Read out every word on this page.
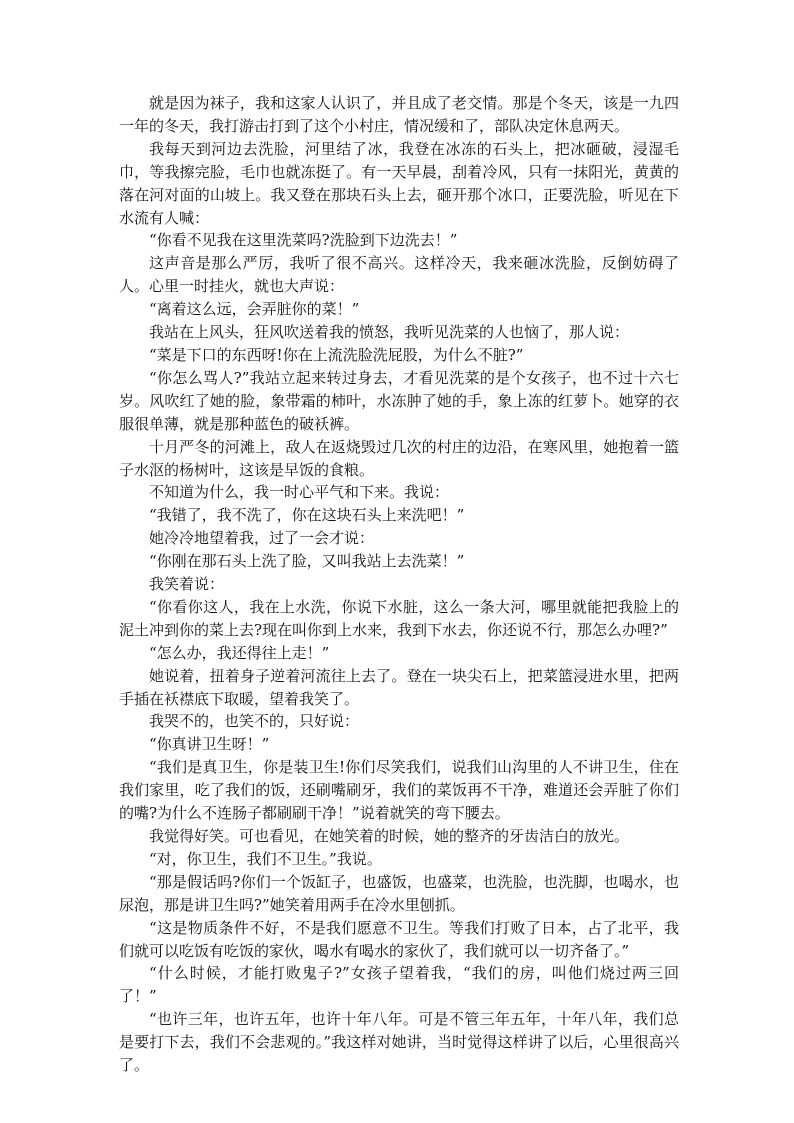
就是因为袜子，我和这家人认识了，并且成了老交情。那是个冬天，该是一九四一年的冬天，我打游击打到了这个小村庄，情况缓和了，部队决定休息两天。

我每天到河边去洗脸，河里结了冰，我登在冰冻的石头上，把冰砸破，浸湿毛巾，等我擦完脸，毛巾也就冻挺了。有一天早晨，刮着冷风，只有一抹阳光，黄黄的落在河对面的山坡上。我又登在那块石头上去，砸开那个冰口，正要洗脸，听见在下水流有人喊：

“你看不见我在这里洗菜吗?洗脸到下边洗去！”

这声音是那么严厉，我听了很不高兴。这样冷天，我来砸冰洗脸，反倒妨碍了人。心里一时挂火，就也大声说：

“离着这么远，会弄脏你的菜！”

我站在上风头，狂风吹送着我的愤怒，我听见洗菜的人也恼了，那人说：

“菜是下口的东西呀!你在上流洗脸洗屁股，为什么不脏?”

“你怎么骂人?”我站立起来转过身去，才看见洗菜的是个女孩子，也不过十六七岁。风吹红了她的脸，象带霜的柿叶，水冻肿了她的手，象上冻的红萝卜。她穿的衣服很单薄，就是那种蓝色的破袄裤。

十月严冬的河滩上，敌人在返烧毁过几次的村庄的边沿，在寒风里，她抱着一篮子水沤的杨树叶，这该是早饭的食粮。

不知道为什么，我一时心平气和下来。我说：

“我错了，我不洗了，你在这块石头上来洗吧！”

她冷冷地望着我，过了一会才说：

“你刚在那石头上洗了脸，又叫我站上去洗菜！”

我笑着说：

“你看你这人，我在上水洗，你说下水脏，这么一条大河，哪里就能把我脸上的泥土冲到你的菜上去?现在叫你到上水来，我到下水去，你还说不行，那怎么办哩?”

“怎么办，我还得往上走！”

她说着，扭着身子逆着河流往上去了。登在一块尖石上，把菜篮浸进水里，把两手插在袄襟底下取暖，望着我笑了。

我哭不的，也笑不的，只好说：

“你真讲卫生呀！”

“我们是真卫生，你是装卫生!你们尽笑我们，说我们山沟里的人不讲卫生，住在我们家里，吃了我们的饭，还刷嘴刷牙，我们的菜饭再不干净，难道还会弄脏了你们的嘴?为什么不连肠子都刷刷干净！”说着就笑的弯下腰去。

我觉得好笑。可也看见，在她笑着的时候，她的整齐的牙齿洁白的放光。

“对，你卫生，我们不卫生。”我说。

“那是假话吗?你们一个饭缸子，也盛饭，也盛菜，也洗脸，也洗脚，也喝水，也尿泡，那是讲卫生吗?”她笑着用两手在冷水里刨抓。

“这是物质条件不好，不是我们愿意不卫生。等我们打败了日本，占了北平，我们就可以吃饭有吃饭的家伙，喝水有喝水的家伙了，我们就可以一切齐备了。”

“什么时候，才能打败鬼子?”女孩子望着我，“我们的房，叫他们烧过两三回了！”

“也许三年，也许五年，也许十年八年。可是不管三年五年，十年八年，我们总是要打下去，我们不会悲观的。”我这样对她讲，当时觉得这样讲了以后，心里很高兴了。
